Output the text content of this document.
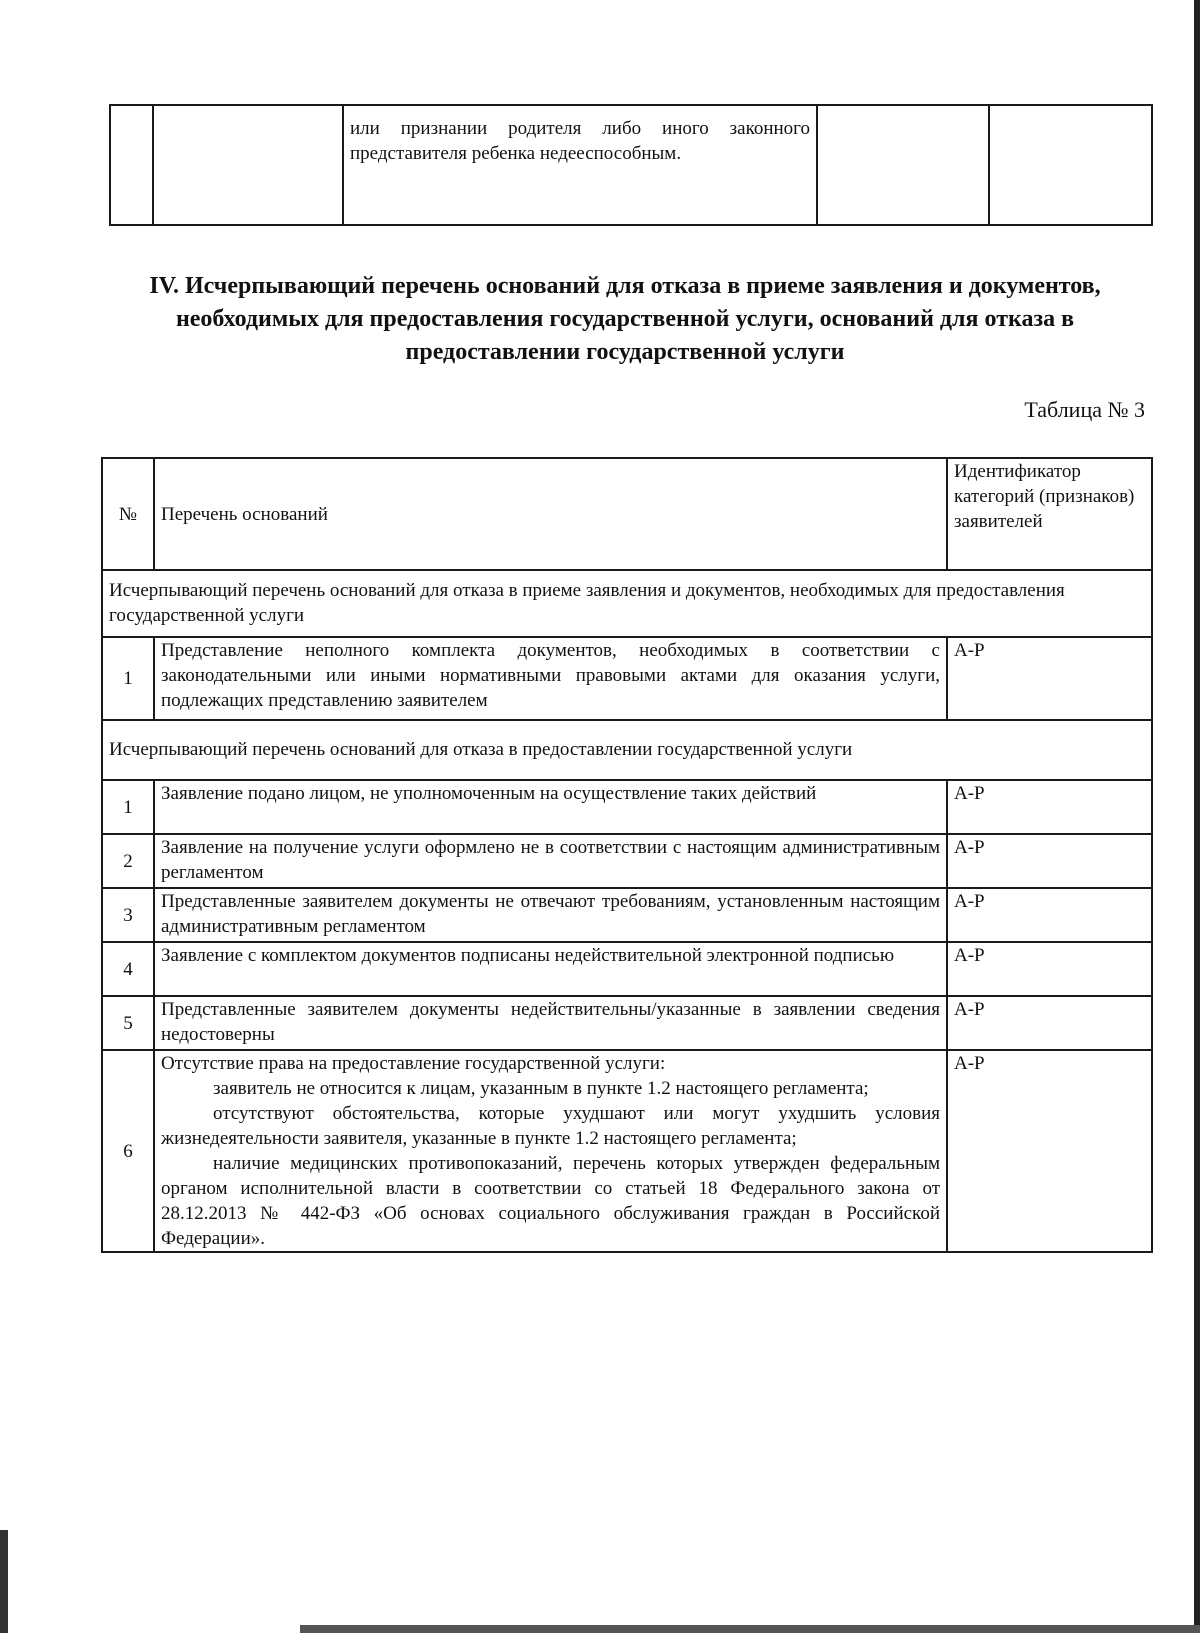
		или признании родителя либо иного законного представителя ребенка недееспособным.		
IV. Исчерпывающий перечень оснований для отказа в приеме заявления и документов, необходимых для предоставления государственной услуги, оснований для отказа в предоставлении государственной услуги
Таблица № 3
№	Перечень оснований	Идентификатор категорий (признаков) заявителей
Исчерпывающий перечень оснований для отказа в приеме заявления и документов, необходимых для предоставления государственной услуги		
1	Представление неполного комплекта документов, необходимых в соответствии с законодательными или иными нормативными правовыми актами для оказания услуги, подлежащих представлению заявителем	А-Р
Исчерпывающий перечень оснований для отказа в предоставлении государственной услуги		
1	Заявление подано лицом, не уполномоченным на осуществление таких действий	А-Р
2	Заявление на получение услуги оформлено не в соответствии с настоящим административным регламентом	А-Р
3	Представленные заявителем документы не отвечают требованиям, установленным настоящим административным регламентом	А-Р
4	Заявление с комплектом документов подписаны недействительной электронной подписью	А-Р
5	Представленные заявителем документы недействительны/указанные в заявлении сведения недостоверны	А-Р
6	Отсутствие права на предоставление государственной услуги:

заявитель не относится к лицам, указанным в пункте 1.2 настоящего регламента;

отсутствуют обстоятельства, которые ухудшают или могут ухудшить условия жизнедеятельности заявителя, указанные в пункте 1.2 настоящего регламента;

наличие медицинских противопоказаний, перечень которых утвержден федеральным органом исполнительной власти в соответствии со статьей 18 Федерального закона от 28.12.2013 № 442-ФЗ «Об основах социального обслуживания граждан в Российской Федерации».	А-Р
